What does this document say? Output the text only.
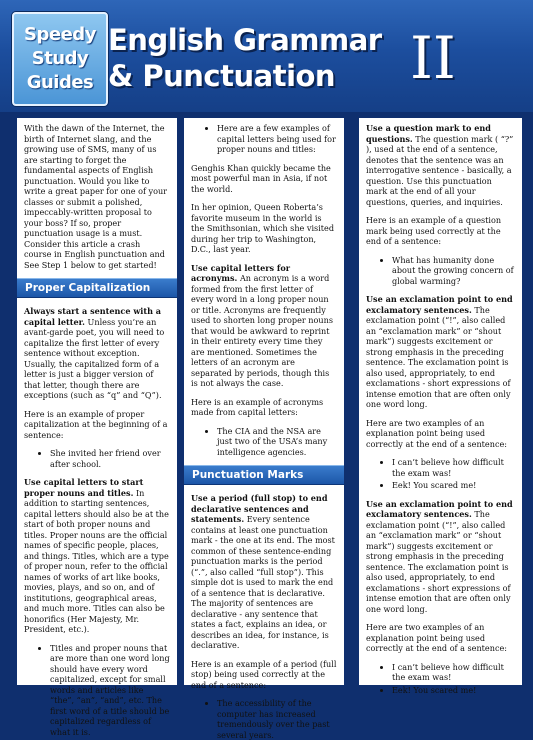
Speedy
Study
Guides
English Grammar
& Punctuation	II

With the dawn of the Internet, the birth of Internet slang, and the growing use of SMS, many of us are starting to forget the fundamental aspects of English punctuation. Would you like to write a great paper for one of your classes or submit a polished, impeccably-written proposal to your boss? If so, proper punctuation usage is a must. Consider this article a crash course in English punctuation and See Step 1 below to get started!

Proper Capitalization

Always start a sentence with a capital letter. Unless you’re an avant-garde poet, you will need to capitalize the first letter of every sentence without exception. Usually, the capitalized form of a letter is just a bigger version of that letter, though there are exceptions (such as “q” and “Q”).

Here is an example of proper capitalization at the beginning of a sentence:

• She invited her friend over after school.

Use capital letters to start proper nouns and titles. In addition to starting sentences, capital letters should also be at the start of both proper nouns and titles. Proper nouns are the official names of specific people, places, and things. Titles, which are a type of proper noun, refer to the official names of works of art like books, movies, plays, and so on, and of institutions, geographical areas, and much more. Titles can also be honorifics (Her Majesty, Mr. President, etc.).

• Titles and proper nouns that are more than one word long should have every word capitalized, except for small words and articles like “the”, “an”, “and”, etc. The first word of a title should be capitalized regardless of what it is.
• Here are a few examples of capital letters being used for proper nouns and titles:

Genghis Khan quickly became the most powerful man in Asia, if not the world.

In her opinion, Queen Roberta’s favorite museum in the world is the Smithsonian, which she visited during her trip to Washington, D.C., last year.

Use capital letters for acronyms. An acronym is a word formed from the first letter of every word in a long proper noun or title. Acronyms are frequently used to shorten long proper nouns that would be awkward to reprint in their entirety every time they are mentioned. Sometimes the letters of an acronym are separated by periods, though this is not always the case.

Here is an example of acronyms made from capital letters:

• The CIA and the NSA are just two of the USA’s many intelligence agencies.
Punctuation Marks

Use a period (full stop) to end declarative sentences and statements. Every sentence contains at least one punctuation mark - the one at its end. The most common of these sentence-ending punctuation marks is the period (“.”, also called “full stop”). This simple dot is used to mark the end of a sentence that is declarative. The majority of sentences are declarative - any sentence that states a fact, explains an idea, or describes an idea, for instance, is declarative.

Here is an example of a period (full stop) being used correctly at the end of a sentence:

• The accessibility of the computer has increased tremendously over the past several years.

Use a question mark to end questions. The question mark ( “?” ), used at the end of a sentence, denotes that the sentence was an interrogative sentence - basically, a question. Use this punctuation mark at the end of all your questions, queries, and inquiries.

Here is an example of a question mark being used correctly at the end of a sentence:

• What has humanity done about the growing concern of global warming?

Use an exclamation point to end exclamatory sentences. The exclamation point (“!”, also called an “exclamation mark” or “shout mark”) suggests excitement or strong emphasis in the preceding sentence. The exclamation point is also used, appropriately, to end exclamations - short expressions of intense emotion that are often only one word long.

Here are two examples of an explanation point being used correctly at the end of a sentence:

• I can’t believe how difficult the exam was!
• Eek! You scared me!

Use an exclamation point to end exclamatory sentences. The exclamation point (“!”, also called an “exclamation mark” or “shout mark”) suggests excitement or strong emphasis in the preceding sentence. The exclamation point is also used, appropriately, to end exclamations - short expressions of intense emotion that are often only one word long.

Here are two examples of an explanation point being used correctly at the end of a sentence:

• I can’t believe how difficult the exam was!
• Eek! You scared me!
